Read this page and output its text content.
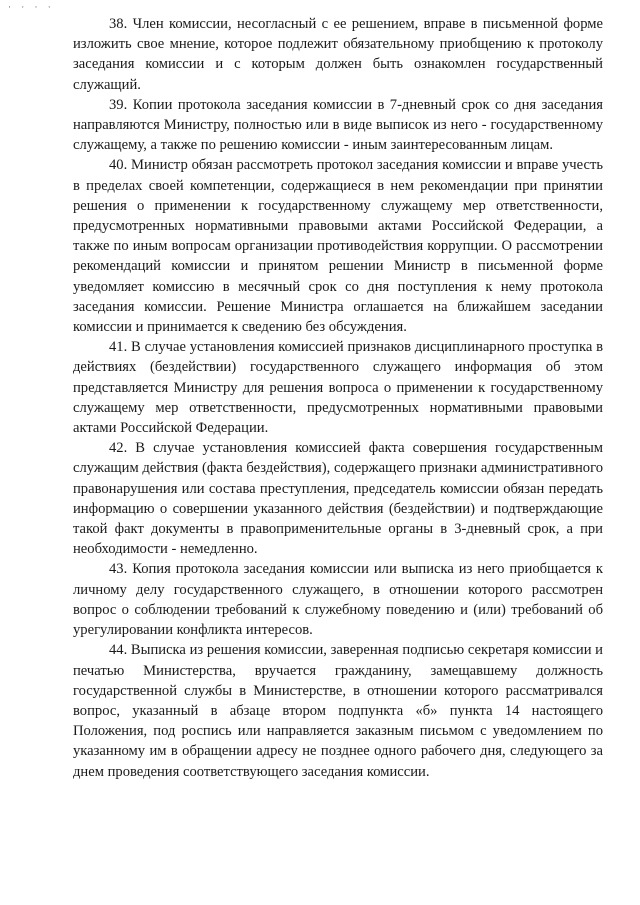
· · · ·

38. Член комиссии, несогласный с ее решением, вправе в письменной форме изложить свое мнение, которое подлежит обязательному приобщению к протоколу заседания комиссии и с которым должен быть ознакомлен государственный служащий.

39. Копии протокола заседания комиссии в 7-дневный срок со дня заседания направляются Министру, полностью или в виде выписок из него - государственному служащему, а также по решению комиссии - иным заинтересованным лицам.

40. Министр обязан рассмотреть протокол заседания комиссии и вправе учесть в пределах своей компетенции, содержащиеся в нем рекомендации при принятии решения о применении к государственному служащему мер ответственности, предусмотренных нормативными правовыми актами Российской Федерации, а также по иным вопросам организации противодействия коррупции. О рассмотрении рекомендаций комиссии и принятом решении Министр в письменной форме уведомляет комиссию в месячный срок со дня поступления к нему протокола заседания комиссии. Решение Министра оглашается на ближайшем заседании комиссии и принимается к сведению без обсуждения.

41. В случае установления комиссией признаков дисциплинарного проступка в действиях (бездействии) государственного служащего информация об этом представляется Министру для решения вопроса о применении к государственному служащему мер ответственности, предусмотренных нормативными правовыми актами Российской Федерации.

42. В случае установления комиссией факта совершения государственным служащим действия (факта бездействия), содержащего признаки административного правонарушения или состава преступления, председатель комиссии обязан передать информацию о совершении указанного действия (бездействии) и подтверждающие такой факт документы в правоприменительные органы в 3-дневный срок, а при необходимости - немедленно.

43. Копия протокола заседания комиссии или выписка из него приобщается к личному делу государственного служащего, в отношении которого рассмотрен вопрос о соблюдении требований к служебному поведению и (или) требований об урегулировании конфликта интересов.

44. Выписка из решения комиссии, заверенная подписью секретаря комиссии и печатью Министерства, вручается гражданину, замещавшему должность государственной службы в Министерстве, в отношении которого рассматривался вопрос, указанный в абзаце втором подпункта «б» пункта 14 настоящего Положения, под роспись или направляется заказным письмом с уведомлением по указанному им в обращении адресу не позднее одного рабочего дня, следующего за днем проведения соответствующего заседания комиссии.
